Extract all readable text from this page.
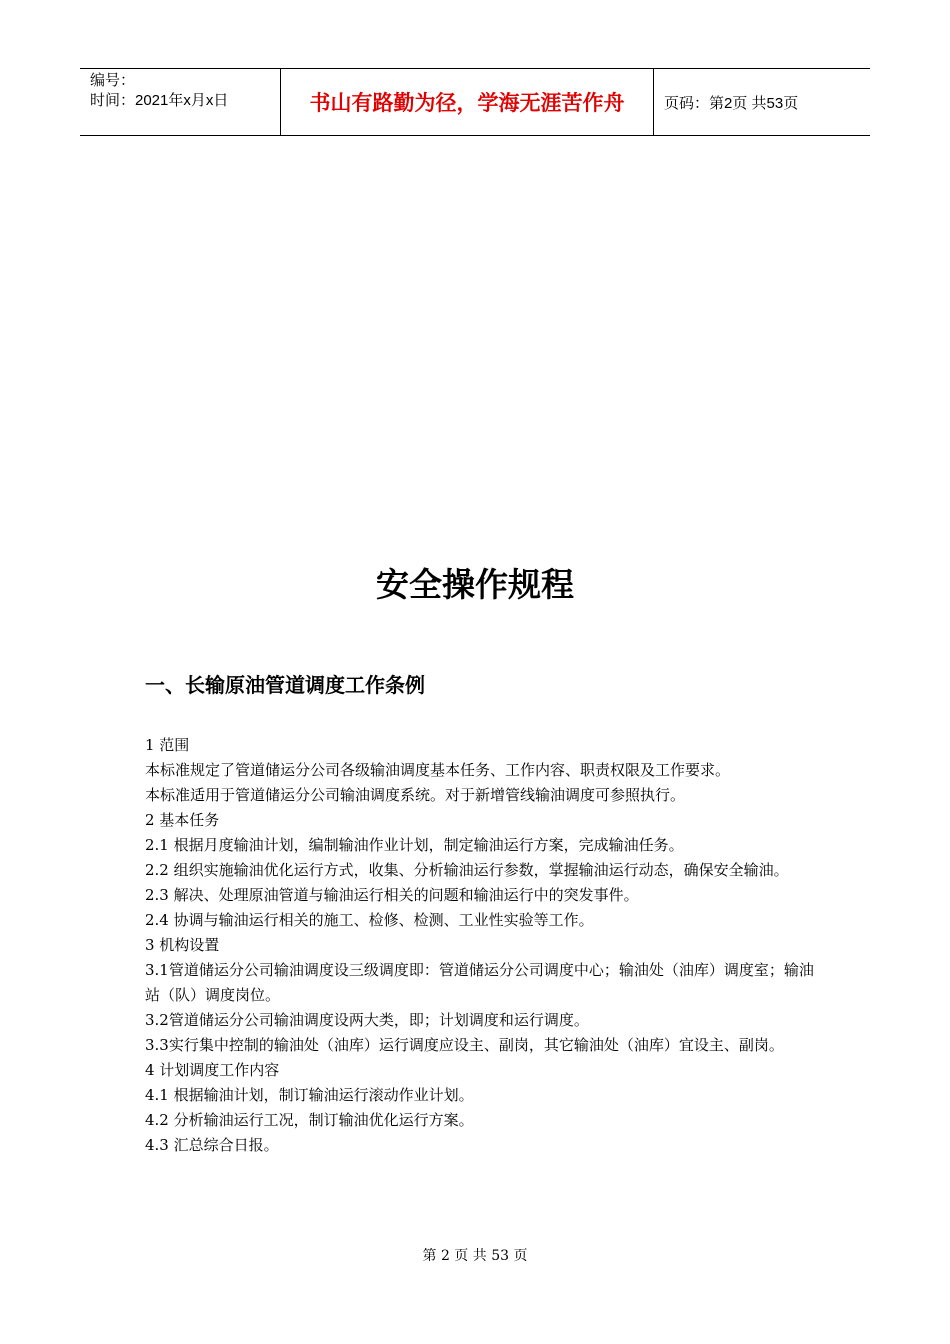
编号：
时间：2021年x月x日	书山有路勤为径，学海无涯苦作舟	页码：第2页 共53页
安全操作规程
一、长输原油管道调度工作条例

1 范围

本标准规定了管道储运分公司各级输油调度基本任务、工作内容、职责权限及工作要求。

本标准适用于管道储运分公司输油调度系统。对于新增管线输油调度可参照执行。

2 基本任务

2.1 根据月度输油计划，编制输油作业计划，制定输油运行方案，完成输油任务。

2.2 组织实施输油优化运行方式，收集、分析输油运行参数，掌握输油运行动态，确保安全输油。

2.3 解决、处理原油管道与输油运行相关的问题和输油运行中的突发事件。

2.4 协调与输油运行相关的施工、检修、检测、工业性实验等工作。

3 机构设置

3.1管道储运分公司输油调度设三级调度即：管道储运分公司调度中心；输油处（油库）调度室；输油站（队）调度岗位。

3.2管道储运分公司输油调度设两大类，即；计划调度和运行调度。

3.3实行集中控制的输油处（油库）运行调度应设主、副岗，其它输油处（油库）宜设主、副岗。

4 计划调度工作内容

4.1 根据输油计划，制订输油运行滚动作业计划。

4.2 分析输油运行工况，制订输油优化运行方案。

4.3 汇总综合日报。

第 2 页 共 53 页
